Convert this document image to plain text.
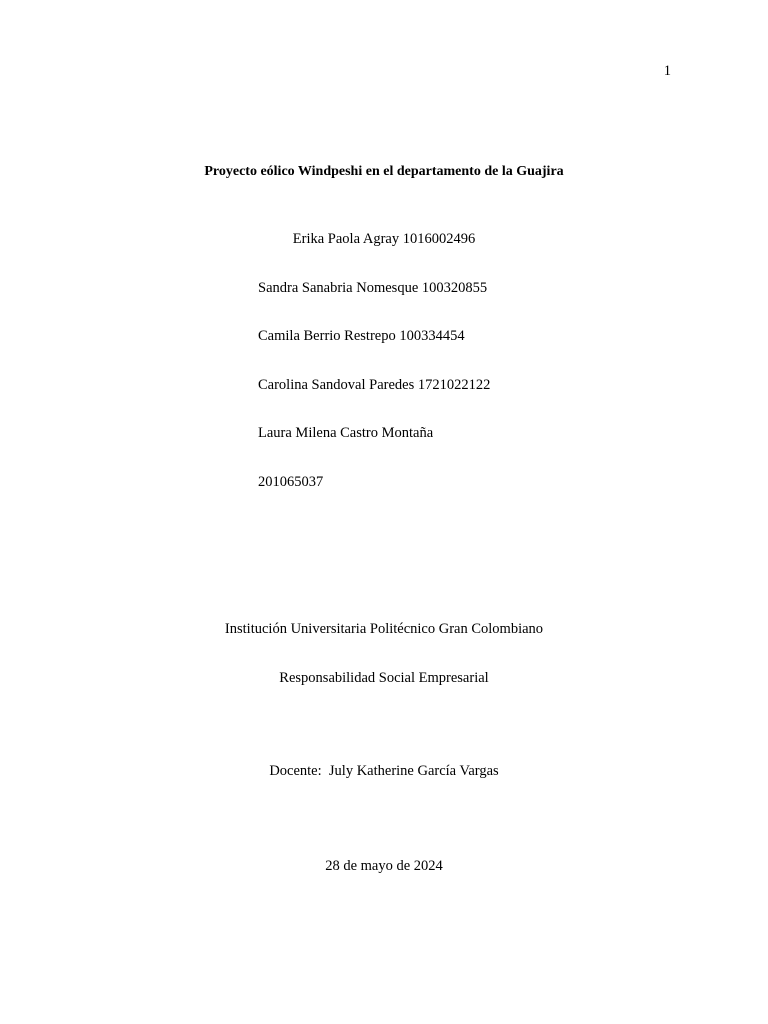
1
Proyecto eólico Windpeshi en el departamento de la Guajira
Erika Paola Agray 1016002496
Sandra Sanabria Nomesque 100320855
Camila Berrio Restrepo 100334454
Carolina Sandoval Paredes 1721022122
Laura Milena Castro Montaña
201065037
Institución Universitaria Politécnico Gran Colombiano
Responsabilidad Social Empresarial
Docente:  July Katherine García Vargas
28 de mayo de 2024
